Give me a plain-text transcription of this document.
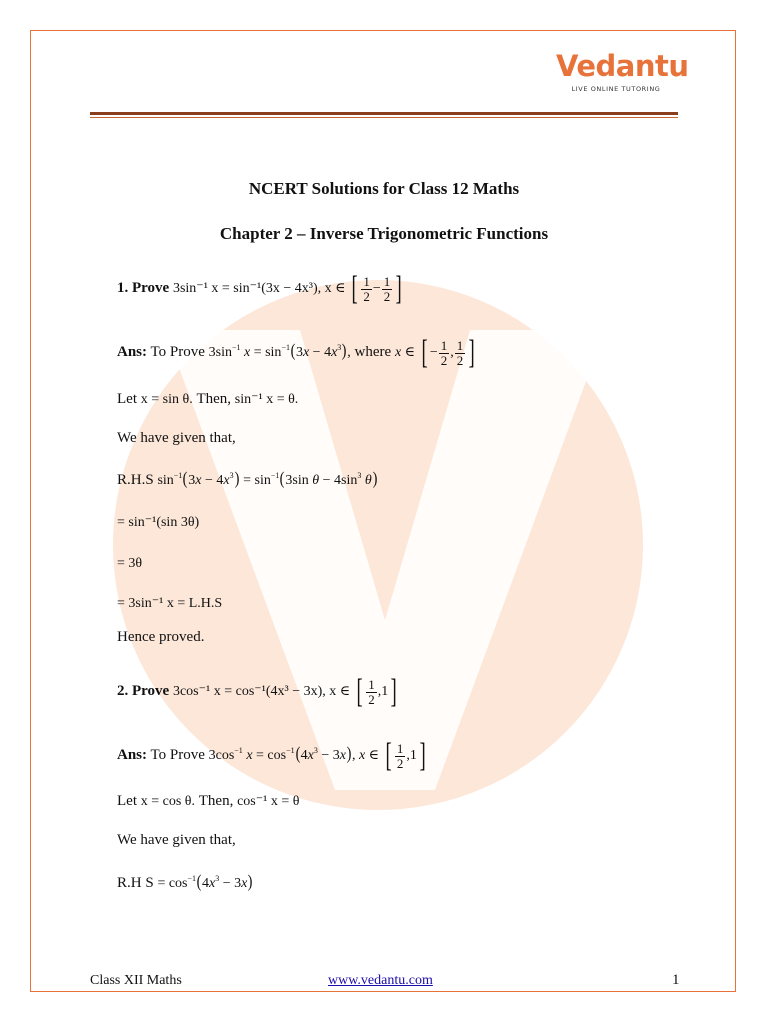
Vedantu
LIVE ONLINE TUTORING
NCERT Solutions for Class 12 Maths
Chapter 2 – Inverse Trigonometric Functions
1. Prove 3sin⁻¹ x = sin⁻¹(3x − 4x³), x ∈ [ $\frac{1}{2} - \frac{1}{2}$ ]
Ans: To Prove $3\sin^{-1}$ $x = \sin^{-1}(3x - 4x^3)$, where x ∈ [ − $\frac{1}{2}$ , $\frac{1}{2}$ ]
Let x = sin θ. Then, sin⁻¹ x = θ.
We have given that,
R.H.S $\sin^{-1}(3x - 4x^3) = \sin^{-1}(3\sin$ $\theta - 4\sin^3$ θ)
= sin⁻¹(sin 3θ)
= 3θ
= 3sin⁻¹ x = L.H.S
Hence proved.
2. Prove 3cos⁻¹ x = cos⁻¹(4x³ − 3x), x ∈ [ $\frac{1}{2} ,1$]
Ans: To Prove $3\cos^{-1}$ $x = \cos^{-1}(4x^3 - 3x)$, x ∈ [ $\frac{1}{2} ,1$]
Let x = cos θ. Then, cos⁻¹ x = θ
We have given that,
R.H $S = \cos^{-1}(4x^3 - 3x)$
Class XII Maths	www.vedantu.com	1
